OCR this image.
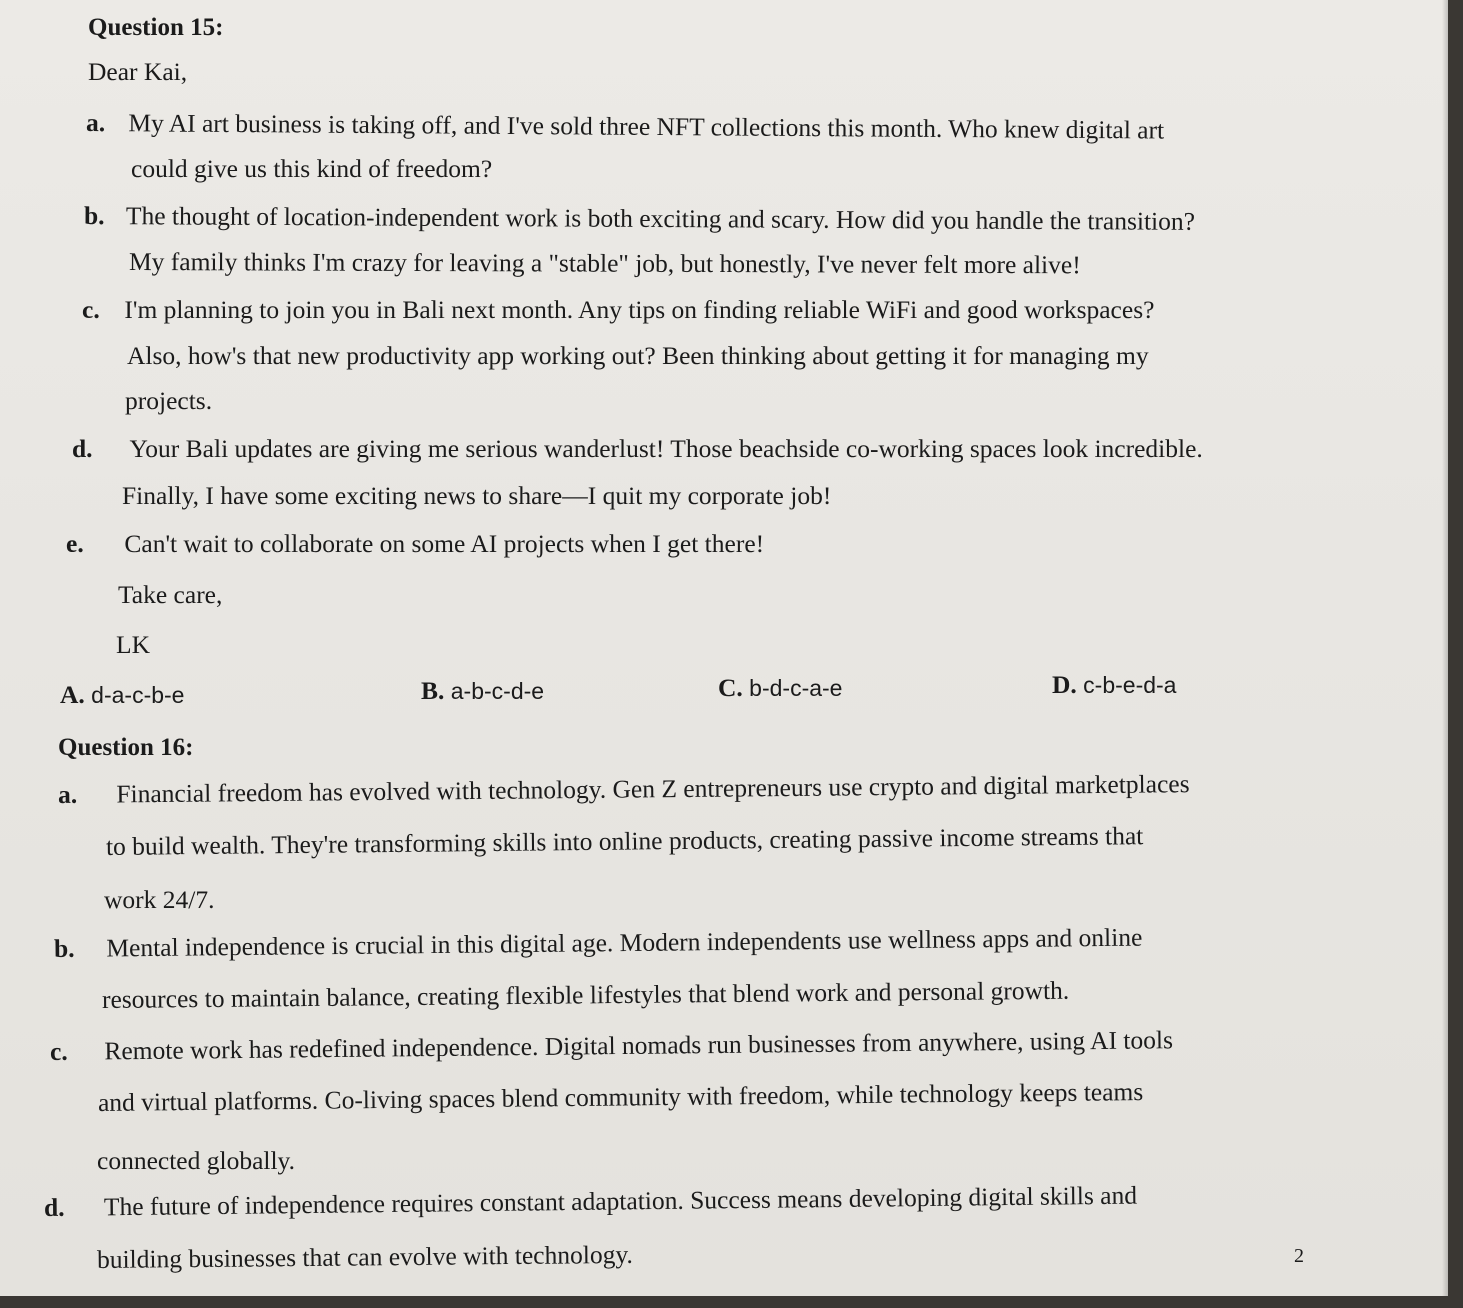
Question 15:
Dear Kai,
a. My AI art business is taking off, and I've sold three NFT collections this month. Who knew digital art
could give us this kind of freedom?
b. The thought of location-independent work is both exciting and scary. How did you handle the transition?
My family thinks I'm crazy for leaving a "stable" job, but honestly, I've never felt more alive!
c. I'm planning to join you in Bali next month. Any tips on finding reliable WiFi and good workspaces?
Also, how's that new productivity app working out? Been thinking about getting it for managing my
projects.
d. Your Bali updates are giving me serious wanderlust! Those beachside co-working spaces look incredible.
Finally, I have some exciting news to share—I quit my corporate job!
e. Can't wait to collaborate on some AI projects when I get there!
Take care,
LK
A. d-a-c-b-e	B. a-b-c-d-e	C. b-d-c-a-e	D. c-b-e-d-a
Question 16:
a. Financial freedom has evolved with technology. Gen Z entrepreneurs use crypto and digital marketplaces
to build wealth. They're transforming skills into online products, creating passive income streams that
work 24/7.
b. Mental independence is crucial in this digital age. Modern independents use wellness apps and online
resources to maintain balance, creating flexible lifestyles that blend work and personal growth.
c. Remote work has redefined independence. Digital nomads run businesses from anywhere, using AI tools
and virtual platforms. Co-living spaces blend community with freedom, while technology keeps teams
connected globally.
d. The future of independence requires constant adaptation. Success means developing digital skills and
building businesses that can evolve with technology.	2
